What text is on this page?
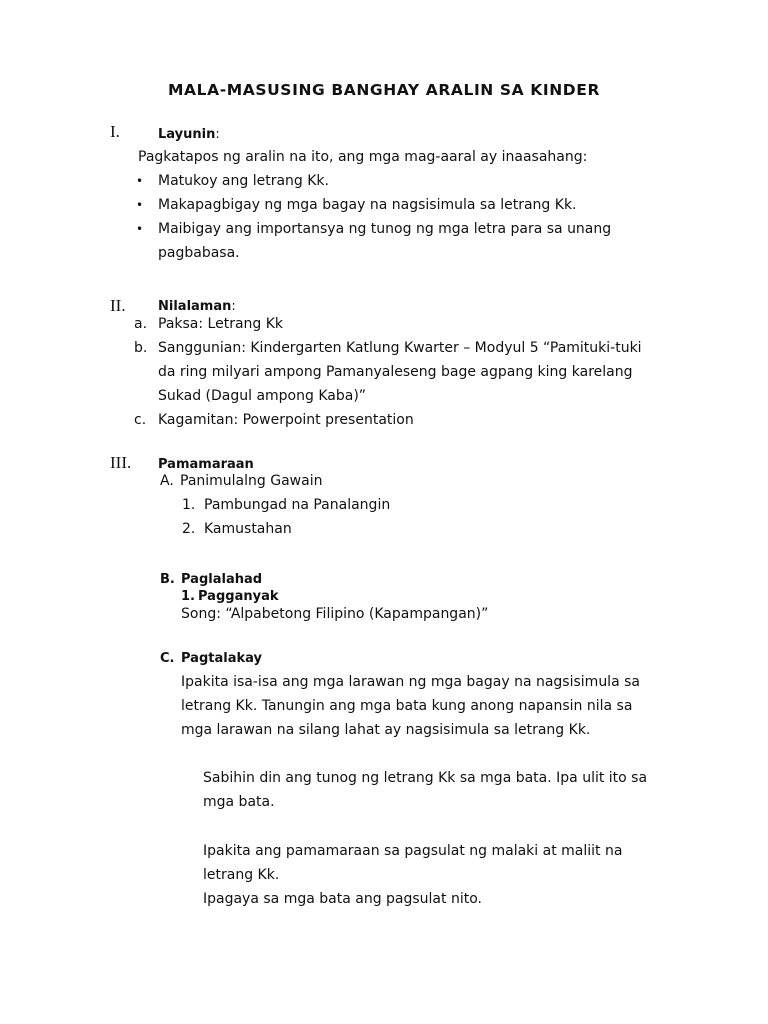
MALA-MASUSING BANGHAY ARALIN SA KINDER
I.	Layunin:
Pagkatapos ng aralin na ito, ang mga mag-aaral ay inaasahang:
• Matukoy ang letrang Kk.
• Makapagbigay ng mga bagay na nagsisimula sa letrang Kk.
• Maibigay ang importansya ng tunog ng mga letra para sa unang
pagbabasa.
II. Nilalaman:
a. Paksa: Letrang Kk
b. Sanggunian: Kindergarten Katlung Kwarter – Modyul 5 “Pamituki-tuki
da ring milyari ampong Pamanyaleseng bage agpang king karelang
Sukad (Dagul ampong Kaba)”
c. Kagamitan: Powerpoint presentation
III. Pamamaraan
A. Panimulalng Gawain
1. Pambungad na Panalangin
2. Kamustahan
B. Paglalahad
1. Pagganyak
Song: “Alpabetong Filipino (Kapampangan)”
C. Pagtalakay
Ipakita isa-isa ang mga larawan ng mga bagay na nagsisimula sa
letrang Kk. Tanungin ang mga bata kung anong napansin nila sa
mga larawan na silang lahat ay nagsisimula sa letrang Kk.
Sabihin din ang tunog ng letrang Kk sa mga bata. Ipa ulit ito sa
mga bata.
Ipakita ang pamamaraan sa pagsulat ng malaki at maliit na
letrang Kk.
Ipagaya sa mga bata ang pagsulat nito.
